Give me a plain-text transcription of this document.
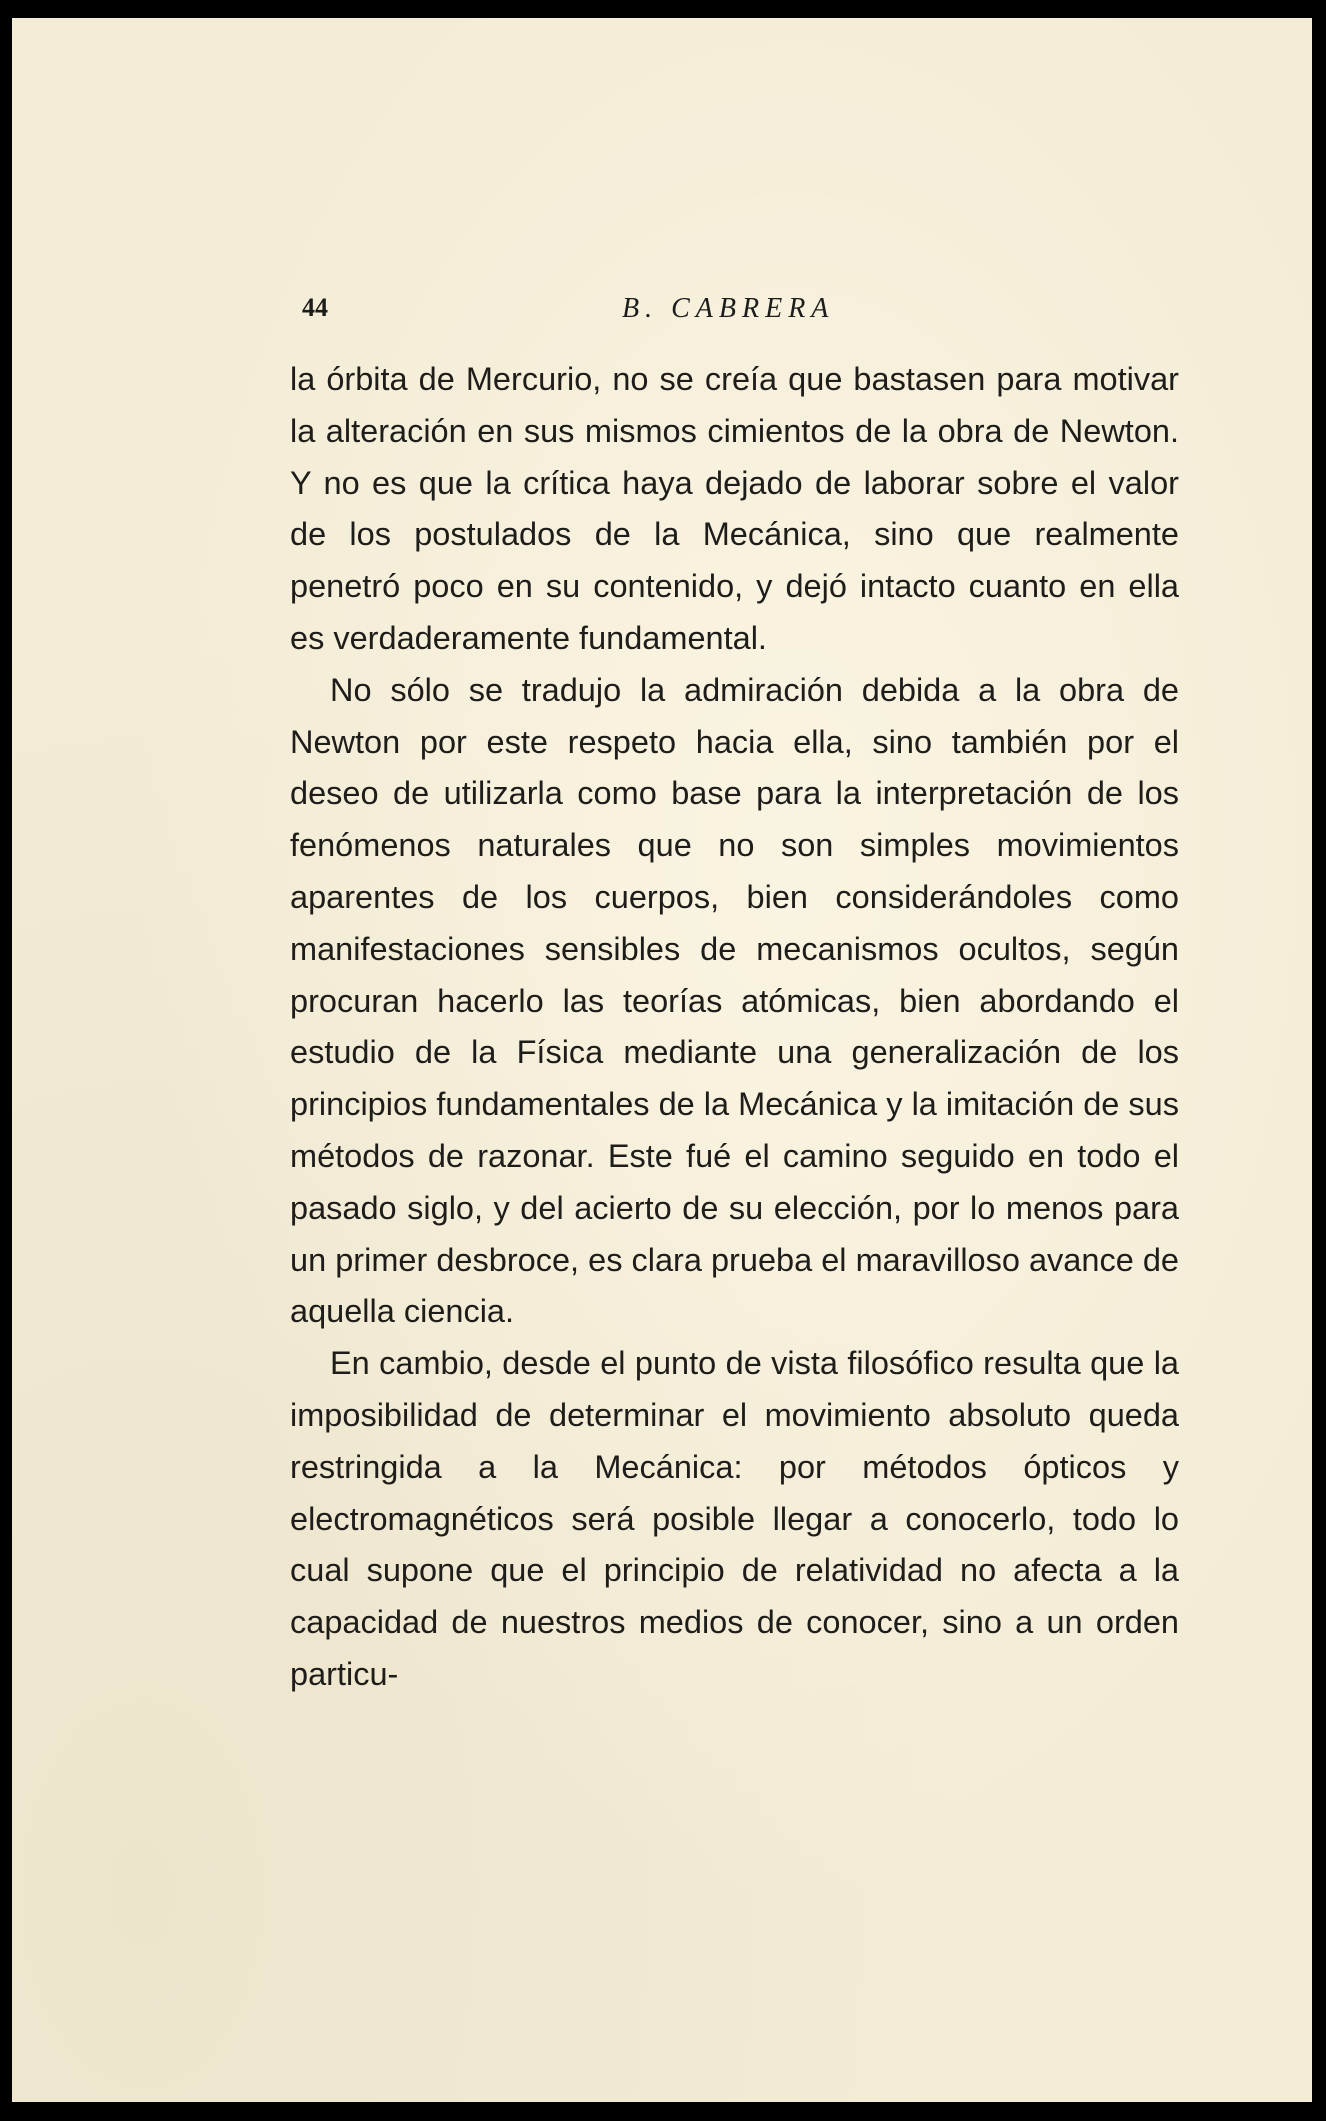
44	B. CABRERA

la órbita de Mercurio, no se creía que bastasen para motivar la alteración en sus mismos cimientos de la obra de Newton. Y no es que la crítica haya dejado de laborar sobre el valor de los postulados de la Mecánica, sino que realmente penetró poco en su contenido, y dejó intacto cuanto en ella es verdaderamente fundamental.

No sólo se tradujo la admiración debida a la obra de Newton por este respeto hacia ella, sino también por el deseo de utilizarla como base para la interpretación de los fenómenos naturales que no son simples movimientos aparentes de los cuerpos, bien considerándoles como manifestaciones sensibles de mecanismos ocultos, según procuran hacerlo las teorías atómicas, bien abordando el estudio de la Física mediante una generalización de los principios fundamentales de la Mecánica y la imitación de sus métodos de razonar. Este fué el camino seguido en todo el pasado siglo, y del acierto de su elección, por lo menos para un primer desbroce, es clara prueba el maravilloso avance de aquella ciencia.

En cambio, desde el punto de vista filosófico resulta que la imposibilidad de determinar el movimiento absoluto queda restringida a la Mecánica: por métodos ópticos y electromagnéticos será posible llegar a conocerlo, todo lo cual supone que el principio de relatividad no afecta a la capacidad de nuestros medios de conocer, sino a un orden particu-
